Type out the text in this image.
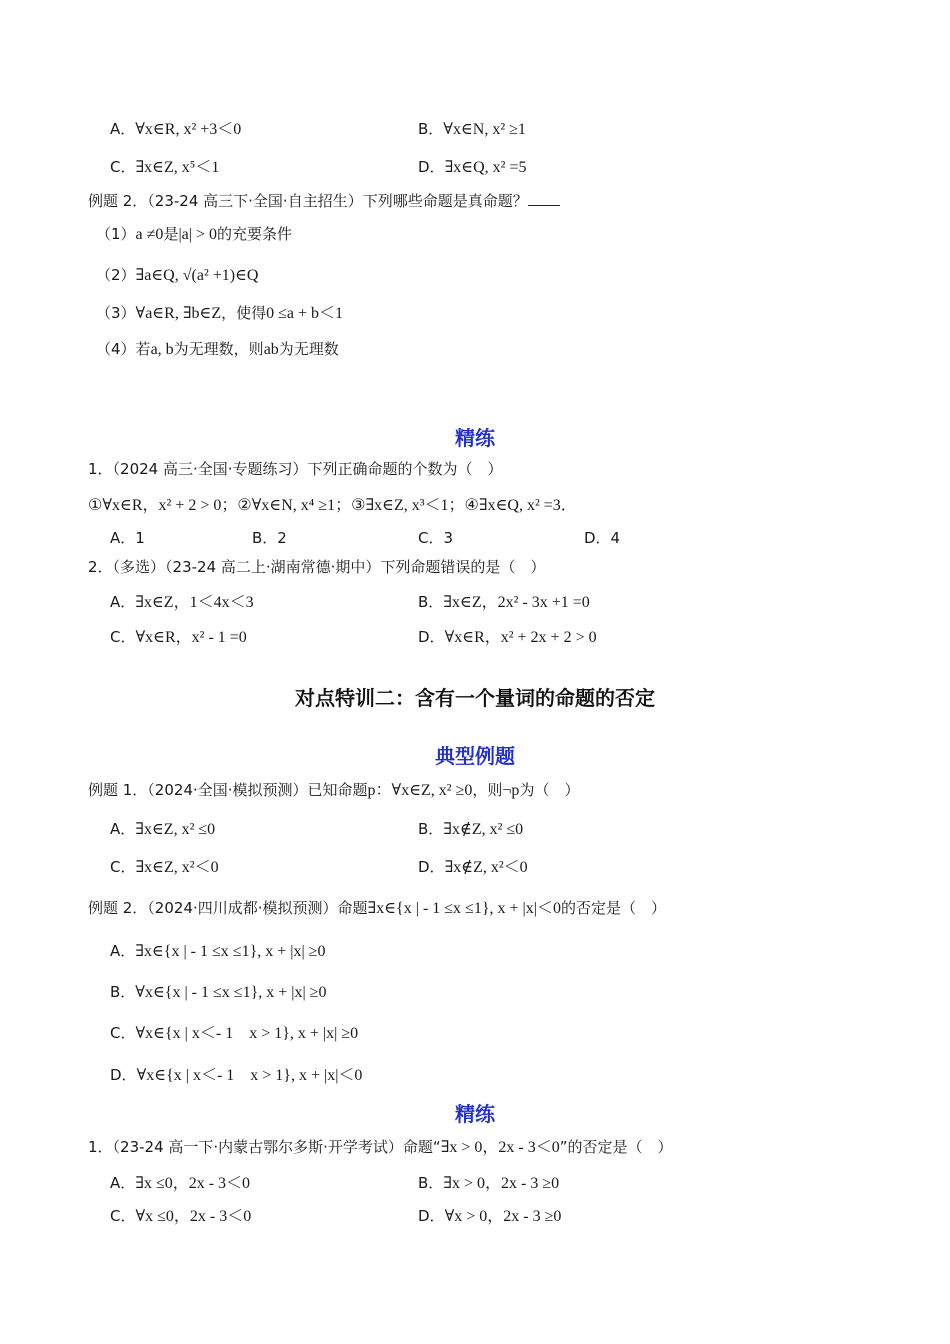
A．∀x∈R, x² +3＜0	B．∀x∈N, x² ≥1
C．∃x∈Z, x⁵＜1	D．∃x∈Q, x² =5
例题 2．（23-24 高三下·全国·自主招生）下列哪些命题是真命题？
（1）a ≠0是|a| > 0的充要条件
（2）∃a∈Q, √(a² +1)∈Q
（3）∀a∈R, ∃b∈Z，使得0 ≤a + b＜1
（4）若a, b为无理数，则ab为无理数
精练
1．（2024 高三·全国·专题练习）下列正确命题的个数为（　）
①∀x∈R，x² + 2 > 0；②∀x∈N, x⁴ ≥1；③∃x∈Z, x³＜1；④∃x∈Q, x² =3．
A．1	B．2	C．3	D．4
2．（多选）（23-24 高二上·湖南常德·期中）下列命题错误的是（　）
A．∃x∈Z，1＜4x＜3	B．∃x∈Z，2x² - 3x +1 =0
C．∀x∈R，x² - 1 =0	D．∀x∈R，x² + 2x + 2 > 0
对点特训二：含有一个量词的命题的否定
典型例题
例题 1．（2024·全国·模拟预测）已知命题p：∀x∈Z, x² ≥0，则¬p为（　）
A．∃x∈Z, x² ≤0	B．∃x∉Z, x² ≤0
C．∃x∈Z, x²＜0	D．∃x∉Z, x²＜0
例题 2．（2024·四川成都·模拟预测）命题∃x∈{x | - 1 ≤x ≤1}, x + |x|＜0的否定是（　）
A．∃x∈{x | - 1 ≤x ≤1}, x + |x| ≥0
B．∀x∈{x | - 1 ≤x ≤1}, x + |x| ≥0
C．∀x∈{x | x＜- 1　x > 1}, x + |x| ≥0
D．∀x∈{x | x＜- 1　x > 1}, x + |x|＜0
精练
1．（23-24 高一下·内蒙古鄂尔多斯·开学考试）命题“∃x > 0，2x - 3＜0”的否定是（　）
A．∃x ≤0，2x - 3＜0	B．∃x > 0，2x - 3 ≥0
C．∀x ≤0，2x - 3＜0	D．∀x > 0，2x - 3 ≥0
